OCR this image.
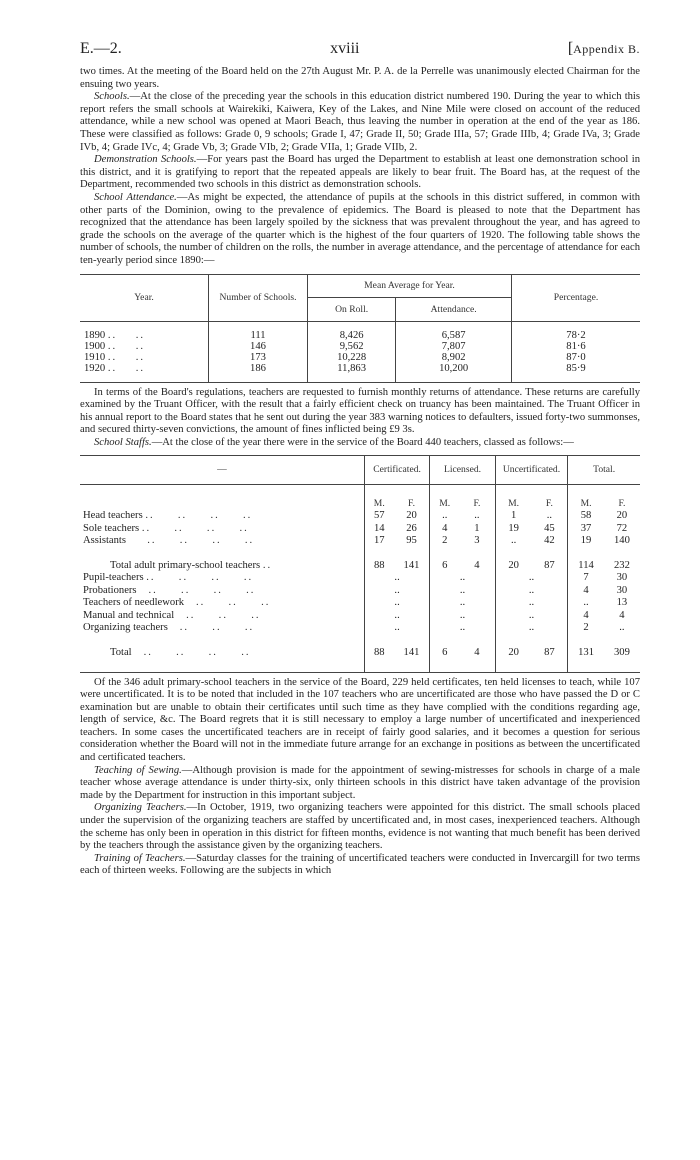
E.—2.	xviii	[Appendix B.

two times. At the meeting of the Board held on the 27th August Mr. P. A. de la Perrelle was unanimously elected Chairman for the ensuing two years.

Schools.—At the close of the preceding year the schools in this education district numbered 190. During the year to which this report refers the small schools at Wairekiki, Kaiwera, Key of the Lakes, and Nine Mile were closed on account of the reduced attendance, while a new school was opened at Maori Beach, thus leaving the number in operation at the end of the year as 186. These were classified as follows: Grade 0, 9 schools; Grade I, 47; Grade II, 50; Grade IIIa, 57; Grade IIIb, 4; Grade IVa, 3; Grade IVb, 4; Grade IVc, 4; Grade Vb, 3; Grade VIb, 2; Grade VIIa, 1; Grade VIIb, 2.

Demonstration Schools.—For years past the Board has urged the Department to establish at least one demonstration school in this district, and it is gratifying to report that the repeated appeals are likely to bear fruit. The Board has, at the request of the Department, recommended two schools in this district as demonstration schools.

School Attendance.—As might be expected, the attendance of pupils at the schools in this district suffered, in common with other parts of the Dominion, owing to the prevalence of epidemics. The Board is pleased to note that the Department has recognized that the attendance has been largely spoiled by the sickness that was prevalent throughout the year, and has agreed to grade the schools on the average of the quarter which is the highest of the four quarters of 1920. The following table shows the number of schools, the number of children on the rolls, the number in average attendance, and the percentage of attendance for each ten-yearly period since 1890:—

Year.	Number of Schools.	Mean Average for Year.		Percentage.
		On Roll.	Attendance.	

1890 ..    ..	111	8,426	6,587	78·2
1900 ..    ..	146	9,562	7,807	81·6
1910 ..    ..	173	10,228	8,902	87·0
1920 ..    ..	186	11,863	10,200	85·9

In terms of the Board's regulations, teachers are requested to furnish monthly returns of attendance. These returns are carefully examined by the Truant Officer, with the result that a fairly efficient check on truancy has been maintained. The Truant Officer in his annual report to the Board states that he sent out during the year 383 warning notices to defaulters, issued forty-two summonses, and secured thirty-seven convictions, the amount of fines inflicted being £9 3s.

School Staffs.—At the close of the year there were in the service of the Board 440 teachers, classed as follows:—

—	Certificated.		Licensed.		Uncertificated.		Total.	

	M.	F.	M.	F.	M.	F.	M.	F.
Head teachers ..     ..     ..     ..	57	20	..	..	1	..	58	20
Sole teachers ..     ..     ..     ..	14	26	4	1	19	45	37	72
Assistants     ..     ..     ..     ..	17	95	2	3	..	42	19	140

Total adult primary-school teachers ..	88	141	6	4	20	87	114	232
Pupil-teachers ..     ..     ..     ..	..		..		..		7	30
Probationers   ..     ..     ..     ..	..		..		..		4	30
Teachers of needlework   ..     ..     ..	..		..		..		..	13
Manual and technical   ..     ..     ..	..		..		..		4	4
Organizing teachers   ..     ..     ..	..		..		..		2	..

Total   ..     ..     ..     ..	88	141	6	4	20	87	131	309

Of the 346 adult primary-school teachers in the service of the Board, 229 held certificates, ten held licenses to teach, while 107 were uncertificated. It is to be noted that included in the 107 teachers who are uncertificated are those who have passed the D or C examination but are unable to obtain their certificates until such time as they have complied with the conditions regarding age, length of service, &c. The Board regrets that it is still necessary to employ a large number of uncertificated and inexperienced teachers. In some cases the uncertificated teachers are in receipt of fairly good salaries, and it becomes a question for serious consideration whether the Board will not in the immediate future arrange for an exchange in positions as between the uncertificated and certificated teachers.

Teaching of Sewing.—Although provision is made for the appointment of sewing-mistresses for schools in charge of a male teacher whose average attendance is under thirty-six, only thirteen schools in this district have taken advantage of the provision made by the Department for instruction in this important subject.

Organizing Teachers.—In October, 1919, two organizing teachers were appointed for this district. The small schools placed under the supervision of the organizing teachers are staffed by uncertificated and, in most cases, inexperienced teachers. Although the scheme has only been in operation in this district for fifteen months, evidence is not wanting that much benefit has been derived by the teachers through the assistance given by the organizing teachers.

Training of Teachers.—Saturday classes for the training of uncertificated teachers were conducted in Invercargill for two terms each of thirteen weeks. Following are the subjects in which
